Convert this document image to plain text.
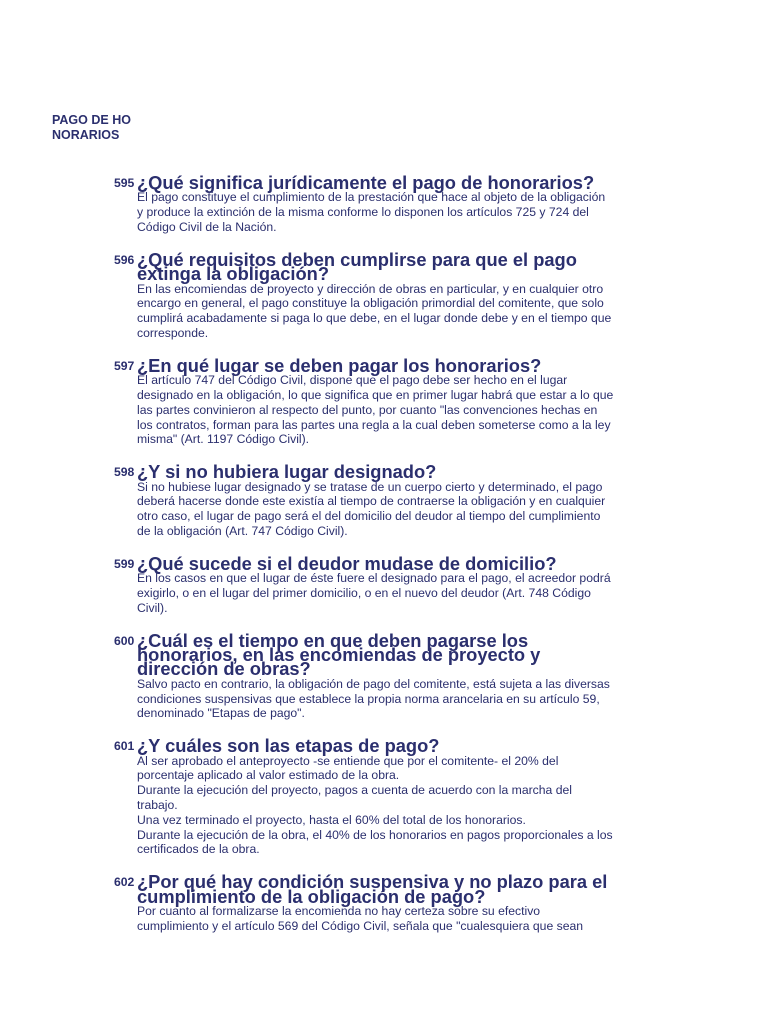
PAGO DE HONORARIOS
595 ¿Qué significa jurídicamente el pago de honorarios?

El pago constituye el cumplimiento de la prestación que hace al objeto de la obligación y produce la extinción de la misma conforme lo disponen los artículos 725 y 724 del Código Civil de la Nación.

596 ¿Qué requisitos deben cumplirse para que el pago extinga la obligación?

En las encomiendas de proyecto y dirección de obras en particular, y en cualquier otro encargo en general, el pago constituye la obligación primordial del comitente, que solo cumplirá acabadamente si paga lo que debe, en el lugar donde debe y en el tiempo que corresponde.

597 ¿En qué lugar se deben pagar los honorarios?

El artículo 747 del Código Civil, dispone que el pago debe ser hecho en el lugar designado en la obligación, lo que significa que en primer lugar habrá que estar a lo que las partes convinieron al respecto del punto, por cuanto "las convenciones hechas en los contratos, forman para las partes una regla a la cual deben someterse como a la ley misma" (Art. 1197 Código Civil).

598 ¿Y si no hubiera lugar designado?

Si no hubiese lugar designado y se tratase de un cuerpo cierto y determinado, el pago deberá hacerse donde este existía al tiempo de contraerse la obligación y en cualquier otro caso, el lugar de pago será el del domicilio del deudor al tiempo del cumplimiento de la obligación (Art. 747 Código Civil).

599 ¿Qué sucede si el deudor mudase de domicilio?

En los casos en que el lugar de éste fuere el designado para el pago, el acreedor podrá exigirlo, o en el lugar del primer domicilio, o en el nuevo del deudor (Art. 748 Código Civil).

600 ¿Cuál es el tiempo en que deben pagarse los honorarios, en las encomiendas de proyecto y dirección de obras?

Salvo pacto en contrario, la obligación de pago del comitente, está sujeta a las diversas condiciones suspensivas que establece la propia norma arancelaria en su artículo 59, denominado "Etapas de pago".

601 ¿Y cuáles son las etapas de pago?

Al ser aprobado el anteproyecto -se entiende que por el comitente- el 20% del porcentaje aplicado al valor estimado de la obra.

Durante la ejecución del proyecto, pagos a cuenta de acuerdo con la marcha del trabajo.

Una vez terminado el proyecto, hasta el 60% del total de los honorarios.

Durante la ejecución de la obra, el 40% de los honorarios en pagos proporcionales a los certificados de la obra.

602 ¿Por qué hay condición suspensiva y no plazo para el cumplimiento de la obligación de pago?

Por cuanto al formalizarse la encomienda no hay certeza sobre su efectivo cumplimiento y el artículo 569 del Código Civil, señala que "cualesquiera que sean
